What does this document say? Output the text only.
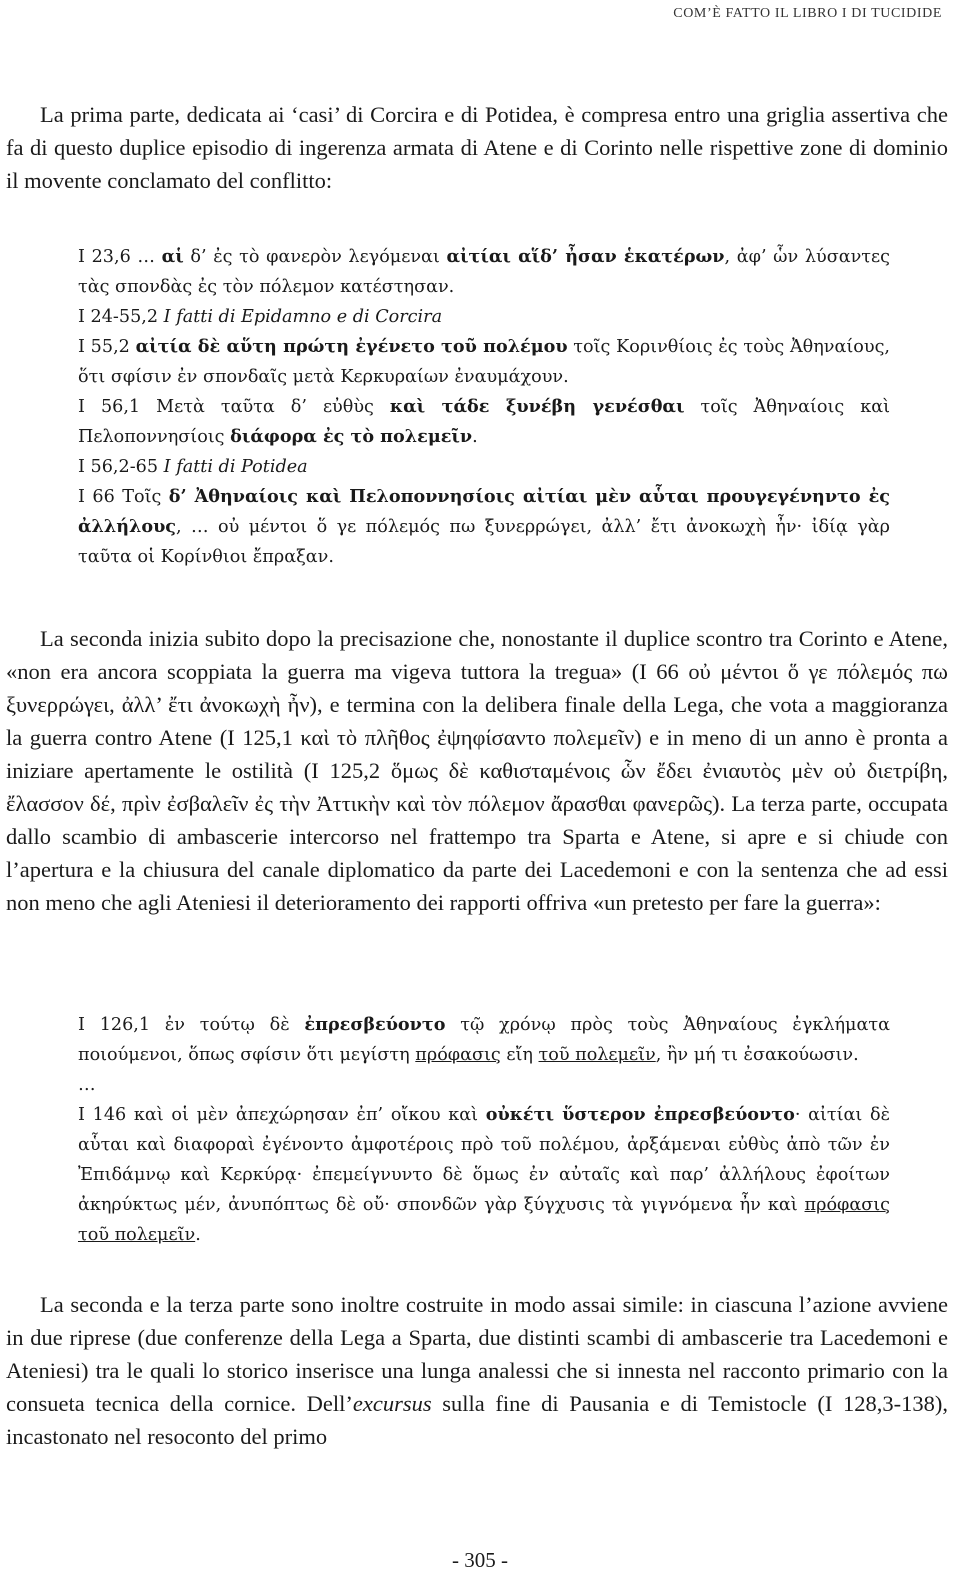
COM’È FATTO IL LIBRO I DI TUCIDIDE

La prima parte, dedicata ai ‘casi’ di Corcira e di Potidea, è compresa entro una griglia assertiva che fa di questo duplice episodio di ingerenza armata di Atene e di Corinto nelle rispettive zone di dominio il movente conclamato del conflitto:

I 23,6 … αἱ δ’ ἐς τὸ φανερὸν λεγόμεναι αἰτίαι αἵδ’ ἦσαν ἑκατέρων, ἀφ’ ὧν λύσαντες τὰς σπονδὰς ἐς τὸν πόλεμον κατέστησαν.
I 24-55,2 I fatti di Epidamno e di Corcira
I 55,2 αἰτία δὲ αὕτη πρώτη ἐγένετο τοῦ πολέμου τοῖς Κορινθίοις ἐς τοὺς Ἀθηναίους, ὅτι σφίσιν ἐν σπονδαῖς μετὰ Κερκυραίων ἐναυμάχουν.
I 56,1 Μετὰ ταῦτα δ’ εὐθὺς καὶ τάδε ξυνέβη γενέσθαι τοῖς Ἀθηναίοις καὶ Πελοποννησίοις διάφορα ἐς τὸ πολεμεῖν.
I 56,2-65 I fatti di Potidea
I 66 Τοῖς δ’ Ἀθηναίοις καὶ Πελοποννησίοις αἰτίαι μὲν αὗται προυγεγένηντο ἐς ἀλλήλους, … οὐ μέντοι ὅ γε πόλεμός πω ξυνερρώγει, ἀλλ’ ἔτι ἀνοκωχὴ ἦν· ἰδίᾳ γὰρ ταῦτα οἱ Κορίνθιοι ἔπραξαν.

La seconda inizia subito dopo la precisazione che, nonostante il duplice scontro tra Corinto e Atene, «non era ancora scoppiata la guerra ma vigeva tuttora la tregua» (I 66 οὐ μέντοι ὅ γε πόλεμός πω ξυνερρώγει, ἀλλ’ ἔτι ἀνοκωχὴ ἦν), e termina con la delibera finale della Lega, che vota a maggioranza la guerra contro Atene (I 125,1 καὶ τὸ πλῆθος ἐψηφίσαντο πολεμεῖν) e in meno di un anno è pronta a iniziare apertamente le ostilità (I 125,2 ὅμως δὲ καθισταμένοις ὧν ἔδει ἐνιαυτὸς μὲν οὐ διετρίβη, ἔλασσον δέ, πρὶν ἐσβαλεῖν ἐς τὴν Ἀττικὴν καὶ τὸν πόλεμον ἄρασθαι φανερῶς). La terza parte, occupata dallo scambio di ambascerie intercorso nel frattempo tra Sparta e Atene, si apre e si chiude con l’apertura e la chiusura del canale diplomatico da parte dei Lacedemoni e con la sentenza che ad essi non meno che agli Ateniesi il deterioramento dei rapporti offriva «un pretesto per fare la guerra»:

I 126,1 ἐν τούτῳ δὲ ἐπρεσβεύοντο τῷ χρόνῳ πρὸς τοὺς Ἀθηναίους ἐγκλήματα ποιούμενοι, ὅπως σφίσιν ὅτι μεγίστη πρόφασις εἴη τοῦ πολεμεῖν, ἢν μή τι ἐσακούωσιν.
…
I 146 καὶ οἱ μὲν ἀπεχώρησαν ἐπ’ οἴκου καὶ οὐκέτι ὕστερον ἐπρεσβεύοντο· αἰτίαι δὲ αὗται καὶ διαφοραὶ ἐγένοντο ἀμφοτέροις πρὸ τοῦ πολέμου, ἀρξάμεναι εὐθὺς ἀπὸ τῶν ἐν Ἐπιδάμνῳ καὶ Κερκύρᾳ· ἐπεμείγνυντο δὲ ὅμως ἐν αὐταῖς καὶ παρ’ ἀλλήλους ἐφοίτων ἀκηρύκτως μέν, ἀνυπόπτως δὲ οὔ· σπονδῶν γὰρ ξύγχυσις τὰ γιγνόμενα ἦν καὶ πρόφασις τοῦ πολεμεῖν.

La seconda e la terza parte sono inoltre costruite in modo assai simile: in ciascuna l’azione avviene in due riprese (due conferenze della Lega a Sparta, due distinti scambi di ambascerie tra Lacedemoni e Ateniesi) tra le quali lo storico inserisce una lunga analessi che si innesta nel racconto primario con la consueta tecnica della cornice. Dell’excursus sulla fine di Pausania e di Temistocle (I 128,3-138), incastonato nel resoconto del primo

- 305 -
